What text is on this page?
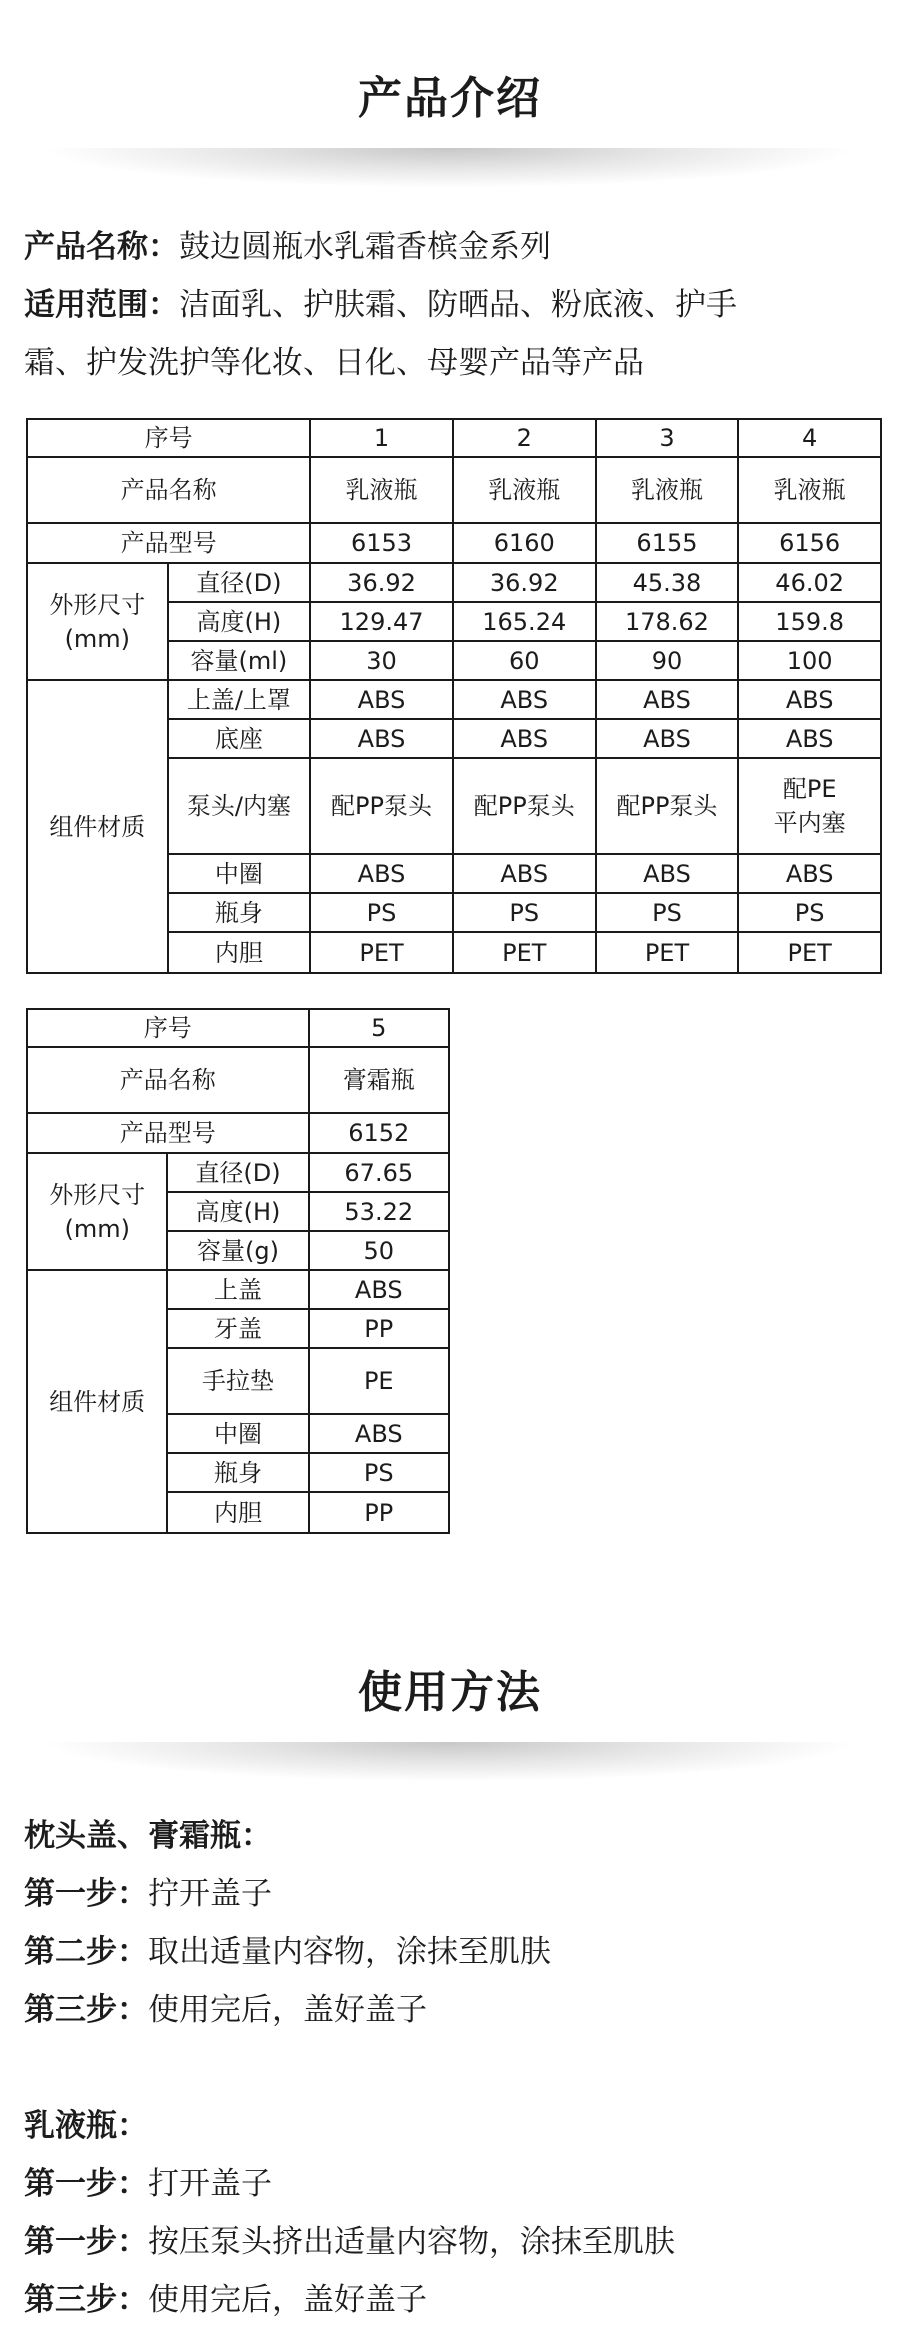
产品介绍
产品名称：鼓边圆瓶水乳霜香槟金系列
适用范围：洁面乳、护肤霜、防晒品、粉底液、护手
霜、护发洗护等化妆、日化、母婴产品等产品
序号		1	2	3	4
产品名称		乳液瓶	乳液瓶	乳液瓶	乳液瓶
产品型号		6153	6160	6155	6156

外形尺寸
(mm)	直径(D)	36.92	36.92	45.38	46.02
	高度(H)	129.47	165.24	178.62	159.8
	容量(ml)	30	60	90	100
组件材质	上盖/上罩	ABS	ABS	ABS	ABS
	底座	ABS	ABS	ABS	ABS
	泵头/内塞	配PP泵头	配PP泵头	配PP泵头	配PE
平内塞

	中圈	ABS	ABS	ABS	ABS
	瓶身	PS	PS	PS	PS
	内胆	PET	PET	PET	PET
序号		5
产品名称		膏霜瓶
产品型号		6152

外形尺寸
(mm)	直径(D)	67.65
	高度(H)	53.22
	容量(g)	50
组件材质	上盖	ABS
	牙盖	PP
	手拉垫	PE
	中圈	ABS
	瓶身	PS
	内胆	PP
使用方法
枕头盖、膏霜瓶：
第一步：拧开盖子
第二步：取出适量内容物，涂抹至肌肤
第三步：使用完后，盖好盖子
乳液瓶：
第一步：打开盖子
第一步：按压泵头挤出适量内容物，涂抹至肌肤
第三步：使用完后，盖好盖子
